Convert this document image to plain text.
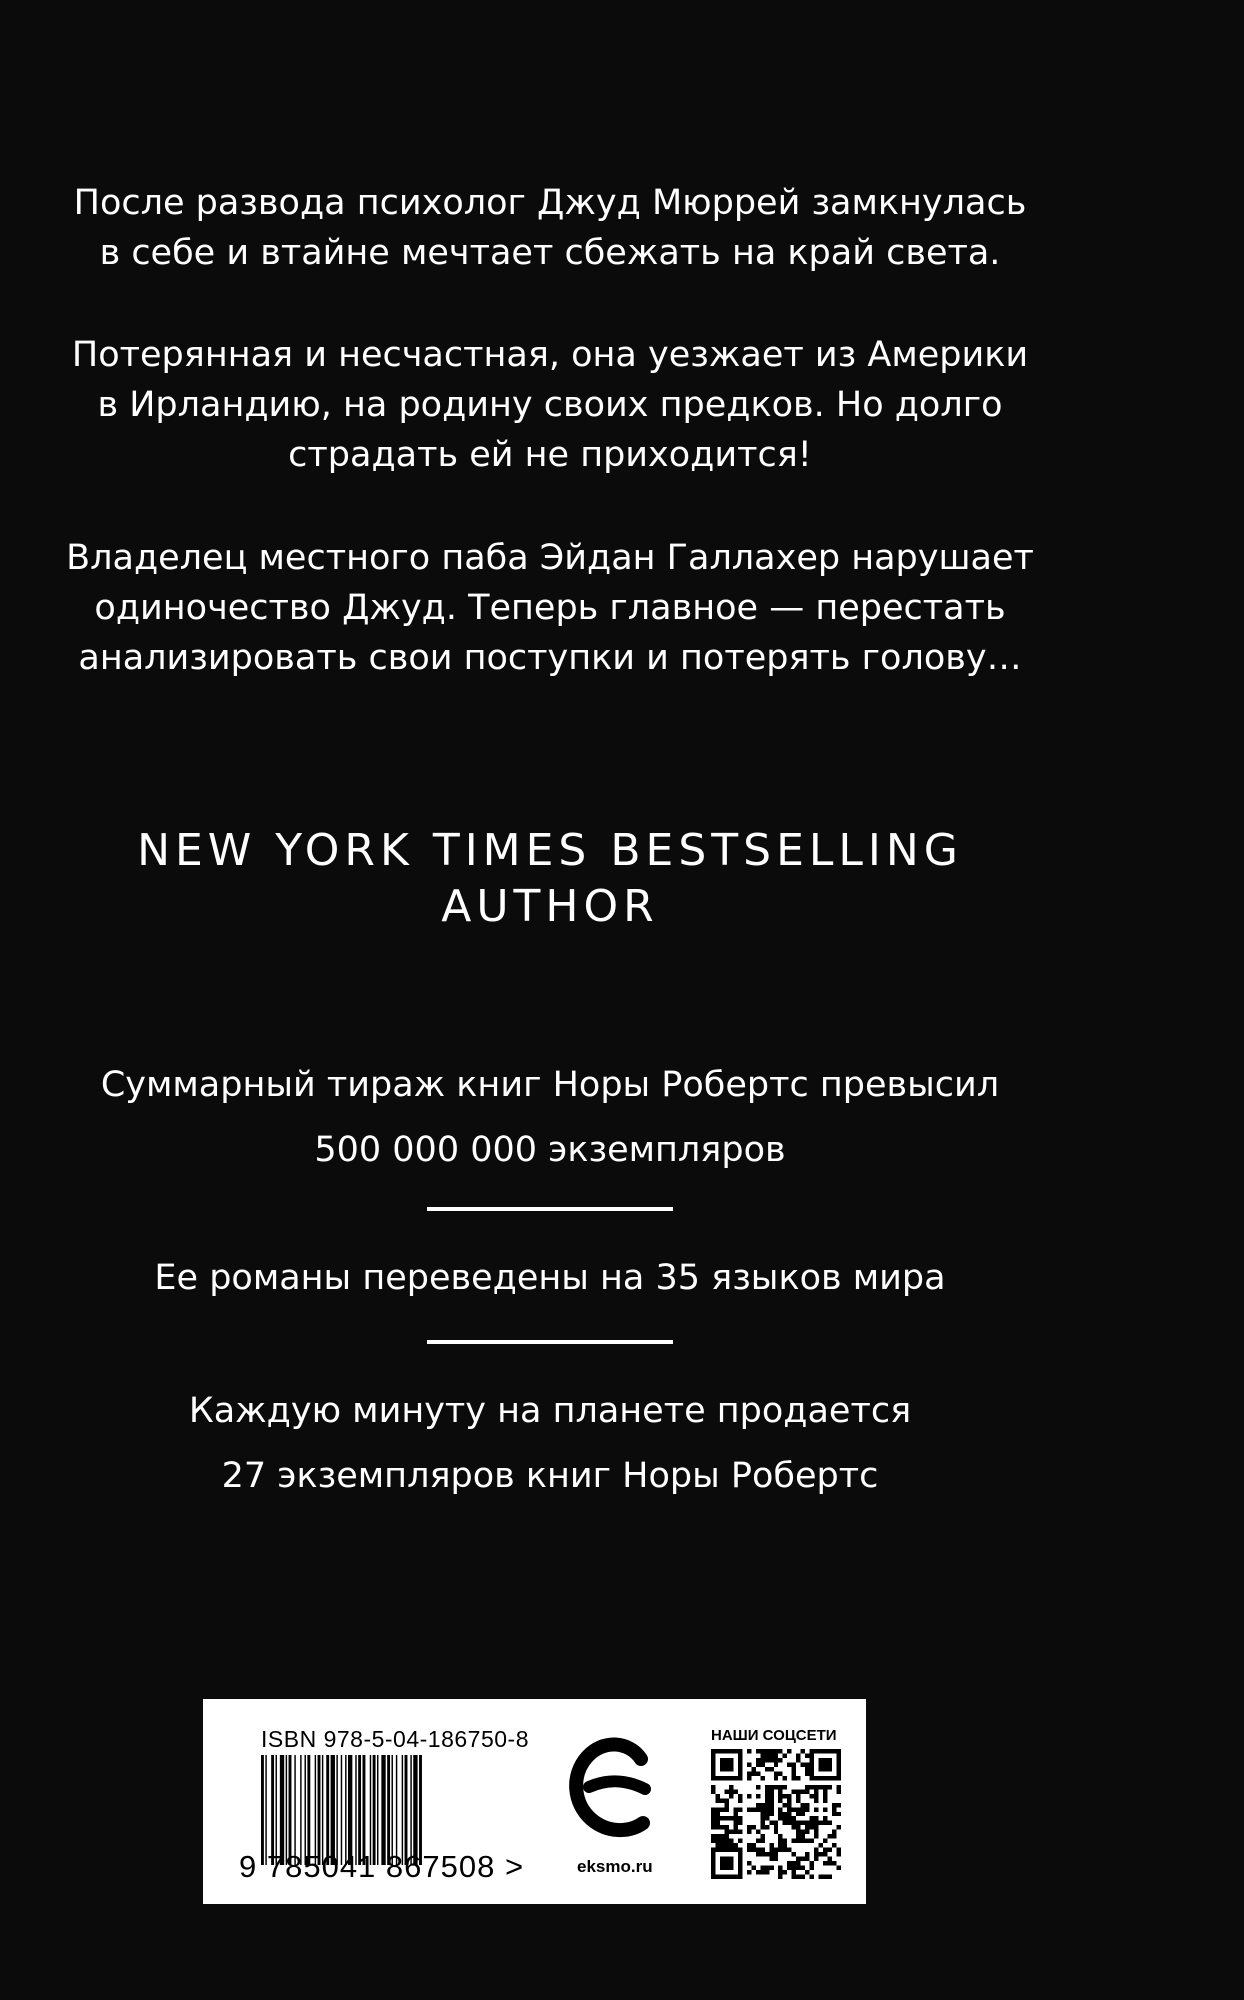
После развода психолог Джуд Мюррей замкнулась

в себе и втайне мечтает сбежать на край света.

Потерянная и несчастная, она уезжает из Америки

в Ирландию, на родину своих предков. Но долго

страдать ей не приходится!

Владелец местного паба Эйдан Галлахер нарушает

одиночество Джуд. Теперь главное — перестать

анализировать свои поступки и потерять голову…

NEW YORK TIMES BESTSELLING

AUTHOR

Суммарный тираж книг Норы Робертс превысил

500 000 000 экземпляров

Ее романы переведены на 35 языков мира

Каждую минуту на планете продается

27 экземпляров книг Норы Робертс

ISBN 978-5-04-186750-8
9 785041 867508 >	eksmo.ru
НАШИ СОЦСЕТИ
